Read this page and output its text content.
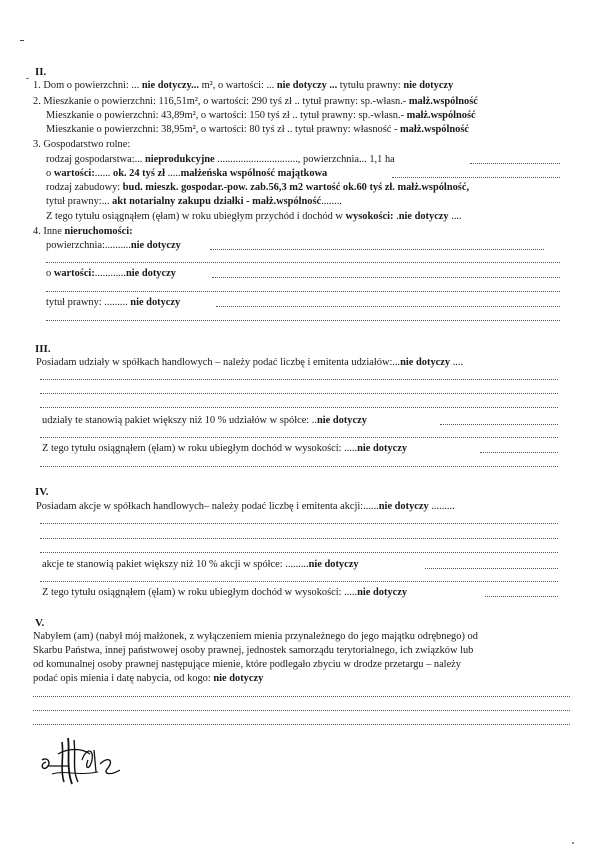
II.
1. Dom o powierzchni: ... nie dotyczy... m², o wartości: ... nie dotyczy ... tytułu prawny: nie dotyczy
2. Mieszkanie o powierzchni: 116,51m², o wartości: 290 tyś zł .. tytuł prawny: sp.-własn.- małż.wspólność
Mieszkanie o powierzchni: 43,89m², o wartości: 150 tyś zł .. tytuł prawny: sp.-własn.- małż.wspólność
Mieszkanie o powierzchni: 38,95m², o wartości: 80 tyś zł .. tytuł prawny: własność - małż.wspólność
3. Gospodarstwo rolne:
rodzaj gospodarstwa:... nieprodukcyjne ..............................., powierzchnia... 1,1 ha
o wartości:...... ok. 24 tyś zł .....małżeńska wspólność majątkowa
rodzaj zabudowy: bud. mieszk. gospodar.-pow. zab.56,3 m2 wartość ok.60 tyś zł. małż.wspólność,
tytuł prawny:... akt notarialny zakupu działki - małż.wspólność........
Z tego tytułu osiągnąłem (ęłam) w roku ubiegłym przychód i dochód w wysokości: .nie dotyczy ....
4. Inne nieruchomości:
powierzchnia:..........nie dotyczy
o wartości:............nie dotyczy
tytuł prawny: ......... nie dotyczy
III.
Posiadam udziały w spółkach handlowych – należy podać liczbę i emitenta udziałów:...nie dotyczy ....
udziały te stanowią pakiet większy niż 10 % udziałów w spółce: ..nie dotyczy
Z tego tytułu osiągnąłem (ęłam) w roku ubiegłym dochód w wysokości: .....nie dotyczy
IV.
Posiadam akcje w spółkach handlowych– należy podać liczbę i emitenta akcji:......nie dotyczy .........
akcje te stanowią pakiet większy niż 10 % akcji w spółce: .........nie dotyczy
Z tego tytułu osiągnąłem (ęłam) w roku ubiegłym dochód w wysokości: .....nie dotyczy
V.
Nabyłem (am) (nabył mój małżonek, z wyłączeniem mienia przynależnego do jego majątku odrębnego) od
Skarbu Państwa, innej państwowej osoby prawnej, jednostek samorządu terytorialnego, ich związków lub
od komunalnej osoby prawnej następujące mienie, które podlegało zbyciu w drodze przetargu – należy
podać opis mienia i datę nabycia, od kogo: nie dotyczy
